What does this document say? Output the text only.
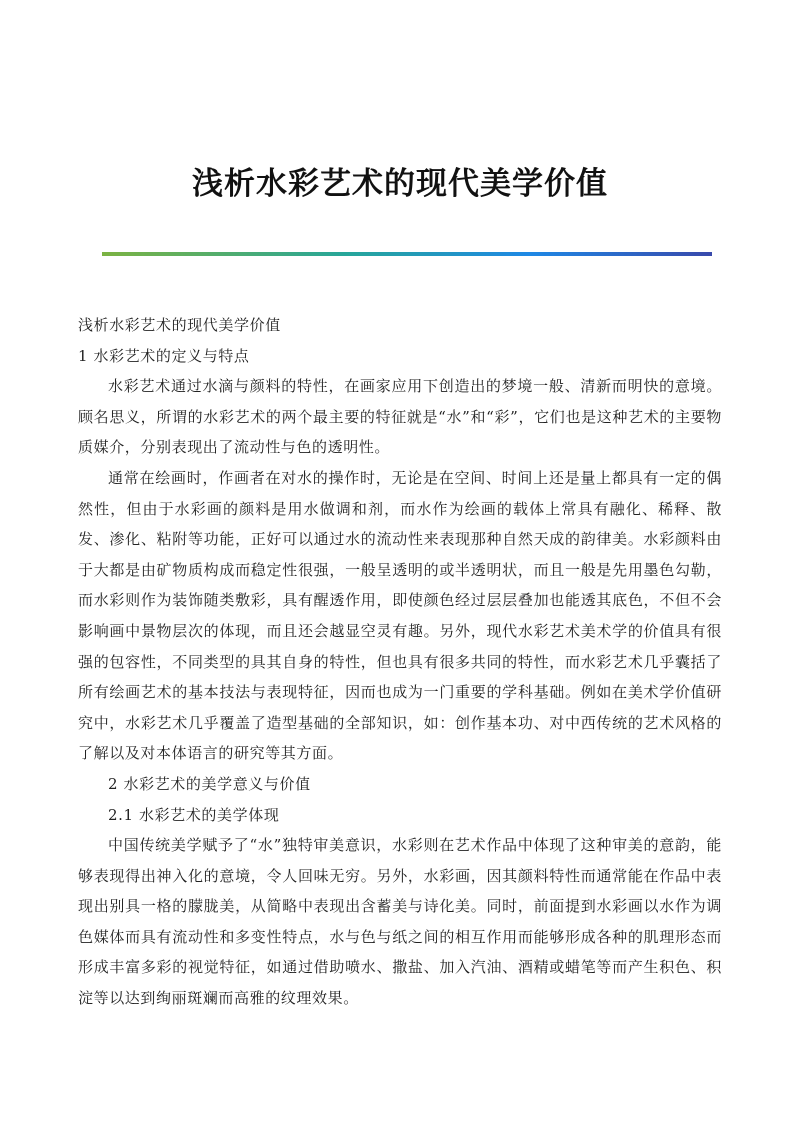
浅析水彩艺术的现代美学价值

浅析水彩艺术的现代美学价值

1 水彩艺术的定义与特点

水彩艺术通过水滴与颜料的特性，在画家应用下创造出的梦境一般、清新而明快的意境。顾名思义，所谓的水彩艺术的两个最主要的特征就是“水”和“彩”，它们也是这种艺术的主要物质媒介，分别表现出了流动性与色的透明性。

通常在绘画时，作画者在对水的操作时，无论是在空间、时间上还是量上都具有一定的偶然性，但由于水彩画的颜料是用水做调和剂，而水作为绘画的载体上常具有融化、稀释、散发、渗化、粘附等功能，正好可以通过水的流动性来表现那种自然天成的韵律美。水彩颜料由于大都是由矿物质构成而稳定性很强，一般呈透明的或半透明状，而且一般是先用墨色勾勒，而水彩则作为装饰随类敷彩，具有醒透作用，即使颜色经过层层叠加也能透其底色，不但不会影响画中景物层次的体现，而且还会越显空灵有趣。另外，现代水彩艺术美术学的价值具有很强的包容性，不同类型的具其自身的特性，但也具有很多共同的特性，而水彩艺术几乎囊括了所有绘画艺术的基本技法与表现特征，因而也成为一门重要的学科基础。例如在美术学价值研究中，水彩艺术几乎覆盖了造型基础的全部知识，如：创作基本功、对中西传统的艺术风格的了解以及对本体语言的研究等其方面。

2 水彩艺术的美学意义与价值

2.1 水彩艺术的美学体现

中国传统美学赋予了“水”独特审美意识，水彩则在艺术作品中体现了这种审美的意韵，能够表现得出神入化的意境，令人回味无穷。另外，水彩画，因其颜料特性而通常能在作品中表现出别具一格的朦胧美，从简略中表现出含蓄美与诗化美。同时，前面提到水彩画以水作为调色媒体而具有流动性和多变性特点，水与色与纸之间的相互作用而能够形成各种的肌理形态而形成丰富多彩的视觉特征，如通过借助喷水、撒盐、加入汽油、酒精或蜡笔等而产生积色、积淀等以达到绚丽斑斓而高雅的纹理效果。
